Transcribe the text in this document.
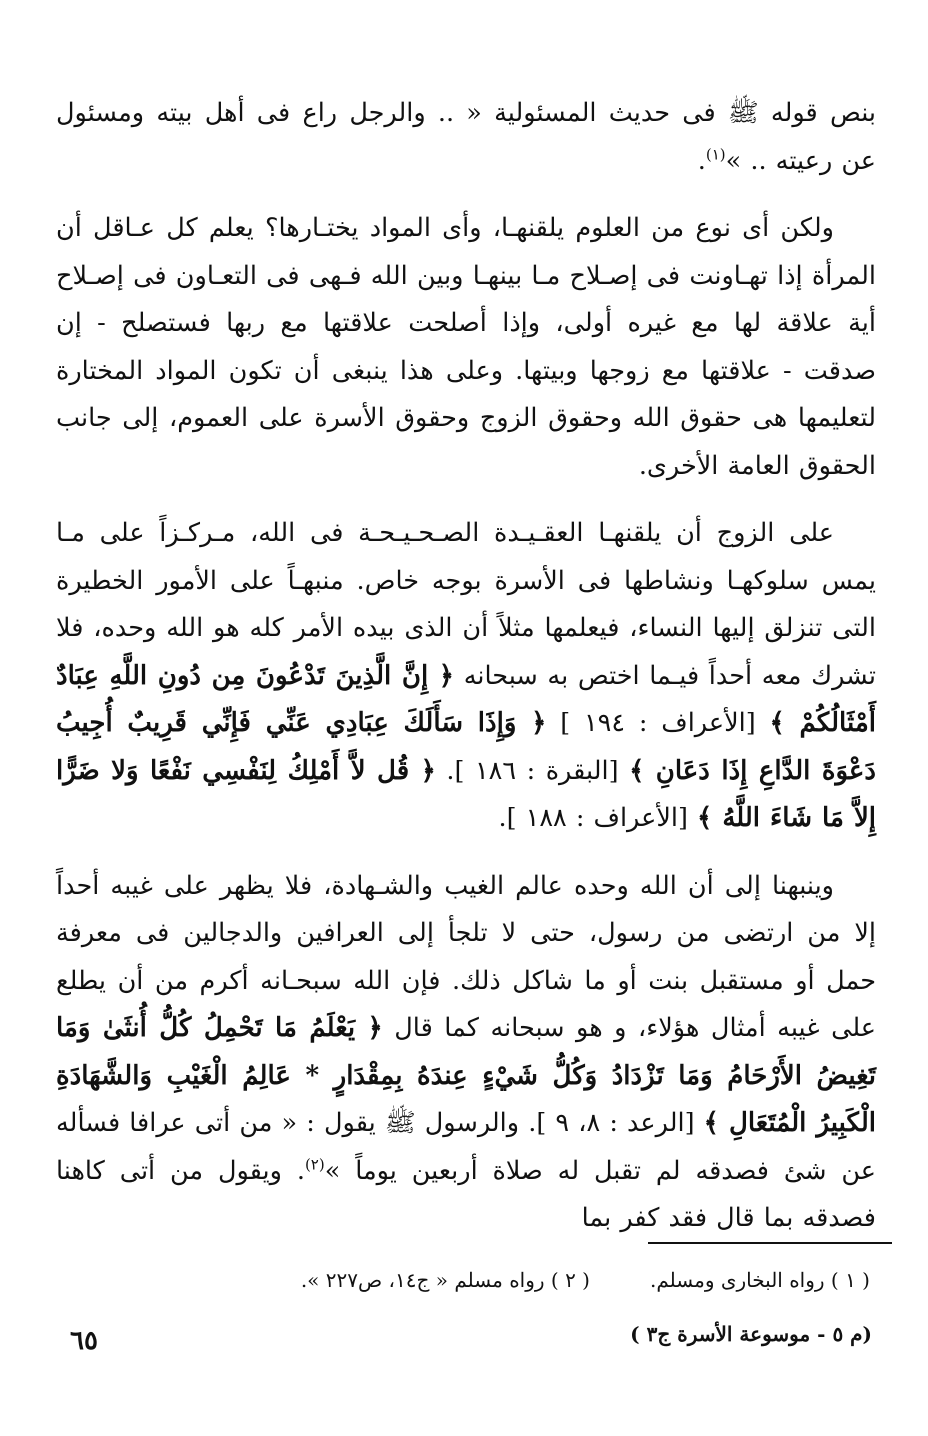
بنص قوله ﷺ فى حديث المسئولية « .. والرجل راع فى أهل بيته ومسئول عن رعيته .. »$^{(١)}$.

ولكن أى نوع من العلوم يلقنهـا، وأى المواد يختـارها؟ يعلم كل عـاقل أن المرأة إذا تهـاونت فى إصـلاح مـا بينهـا وبين الله فـهى فى التعـاون فى إصـلاح أية علاقة لها مع غيره أولى، وإذا أصلحت علاقتها مع ربها فستصلح - إن صدقت - علاقتها مع زوجها وبيتها. وعلى هذا ينبغى أن تكون المواد المختارة لتعليمها هى حقوق الله وحقوق الزوج وحقوق الأسرة على العموم، إلى جانب الحقوق العامة الأخرى.

على الزوج أن يلقنهـا العقـيـدة الصـحـيـحـة فى الله، مـركـزاً على مـا يمس سلوكهـا ونشاطها فى الأسرة بوجه خاص. منبهـاً على الأمور الخطيرة التى تنزلق إليها النساء، فيعلمها مثلاً أن الذى بيده الأمر كله هو الله وحده، فلا تشرك معه أحداً فيـما اختص به سبحانه ﴿ إِنَّ الَّذِينَ تَدْعُونَ مِن دُونِ اللَّهِ عِبَادٌ أَمْثَالُكُمْ ﴾ [الأعراف : ١٩٤ ] ﴿ وَإِذَا سَأَلَكَ عِبَادِي عَنِّي فَإِنِّي قَرِيبٌ أُجِيبُ دَعْوَةَ الدَّاعِ إِذَا دَعَانِ ﴾ [البقرة : ١٨٦ ]. ﴿ قُل لاَّ أَمْلِكُ لِنَفْسِي نَفْعًا وَلا ضَرًّا إِلاَّ مَا شَاءَ اللَّهُ ﴾ [الأعراف : ١٨٨ ].

وينبهنا إلى أن الله وحده عالم الغيب والشـهادة، فلا يظهر على غيبه أحداً إلا من ارتضى من رسول، حتى لا تلجأ إلى العرافين والدجالين فى معرفة حمل أو مستقبل بنت أو ما شاكل ذلك. فإن الله سبحـانه أكرم من أن يطلع على غيبه أمثال هؤلاء، و هو سبحانه كما قال ﴿ يَعْلَمُ مَا تَحْمِلُ كُلُّ أُنثَىٰ وَمَا تَغِيضُ الأَرْحَامُ وَمَا تَزْدَادُ وَكُلُّ شَيْءٍ عِندَهُ بِمِقْدَارٍ * عَالِمُ الْغَيْبِ وَالشَّهَادَةِ الْكَبِيرُ الْمُتَعَالِ ﴾ [الرعد : ٨، ٩ ]. والرسول ﷺ يقول : « من أتى عرافا فسأله عن شئ فصدقه لم تقبل له صلاة أربعين يوماً »$^{(٢)}$. ويقول من أتى كاهنا فصدقه بما قال فقد كفر بما

( ١ ) رواه البخارى ومسلم.
( ٢ ) رواه مسلم « ج١٤، ص٢٢٧ ».
(م ٥ - موسوعة الأسرة ج٣ )
٦٥
